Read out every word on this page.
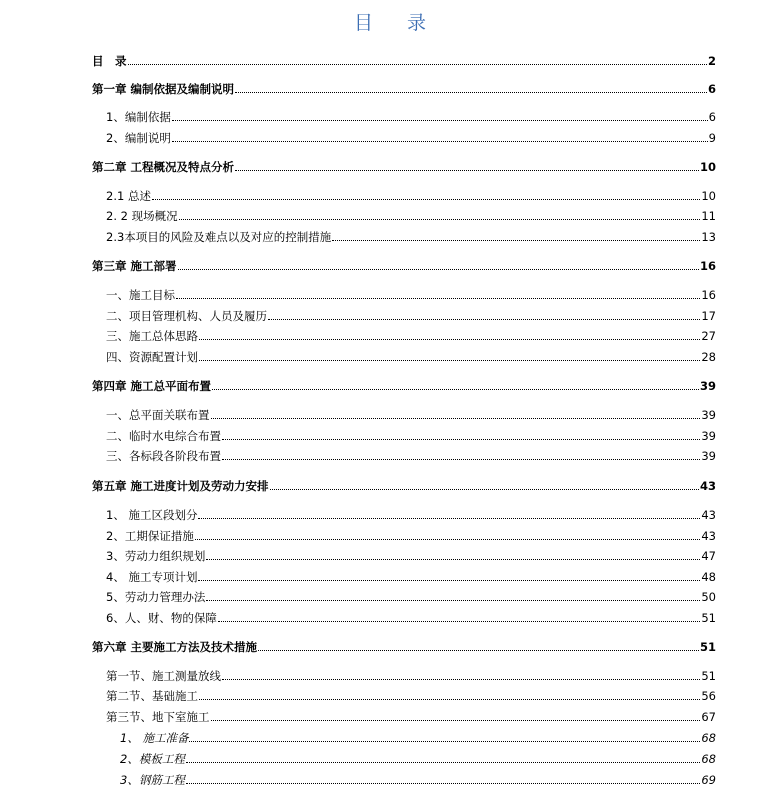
目 录
目　录	2
第一章 编制依据及编制说明	6
1、编制依据	6
2、编制说明	9
第二章 工程概况及特点分析	10
2.1 总述	10
2. 2 现场概况	11
2.3本项目的风险及难点以及对应的控制措施	13
第三章 施工部署	16
一、施工目标	16
二、项目管理机构、人员及履历	17
三、施工总体思路	27
四、资源配置计划	28
第四章 施工总平面布置	39
一、总平面关联布置	39
二、临时水电综合布置	39
三、各标段各阶段布置	39
第五章 施工进度计划及劳动力安排	43
1、 施工区段划分	43
2、工期保证措施	43
3、劳动力组织规划	47
4、 施工专项计划	48
5、劳动力管理办法	50
6、人、财、物的保障	51
第六章 主要施工方法及技术措施	51
第一节、施工测量放线	51
第二节、基础施工	56
第三节、地下室施工	67
1、 施工准备	68
2、模板工程	68
3、钢筋工程	69
